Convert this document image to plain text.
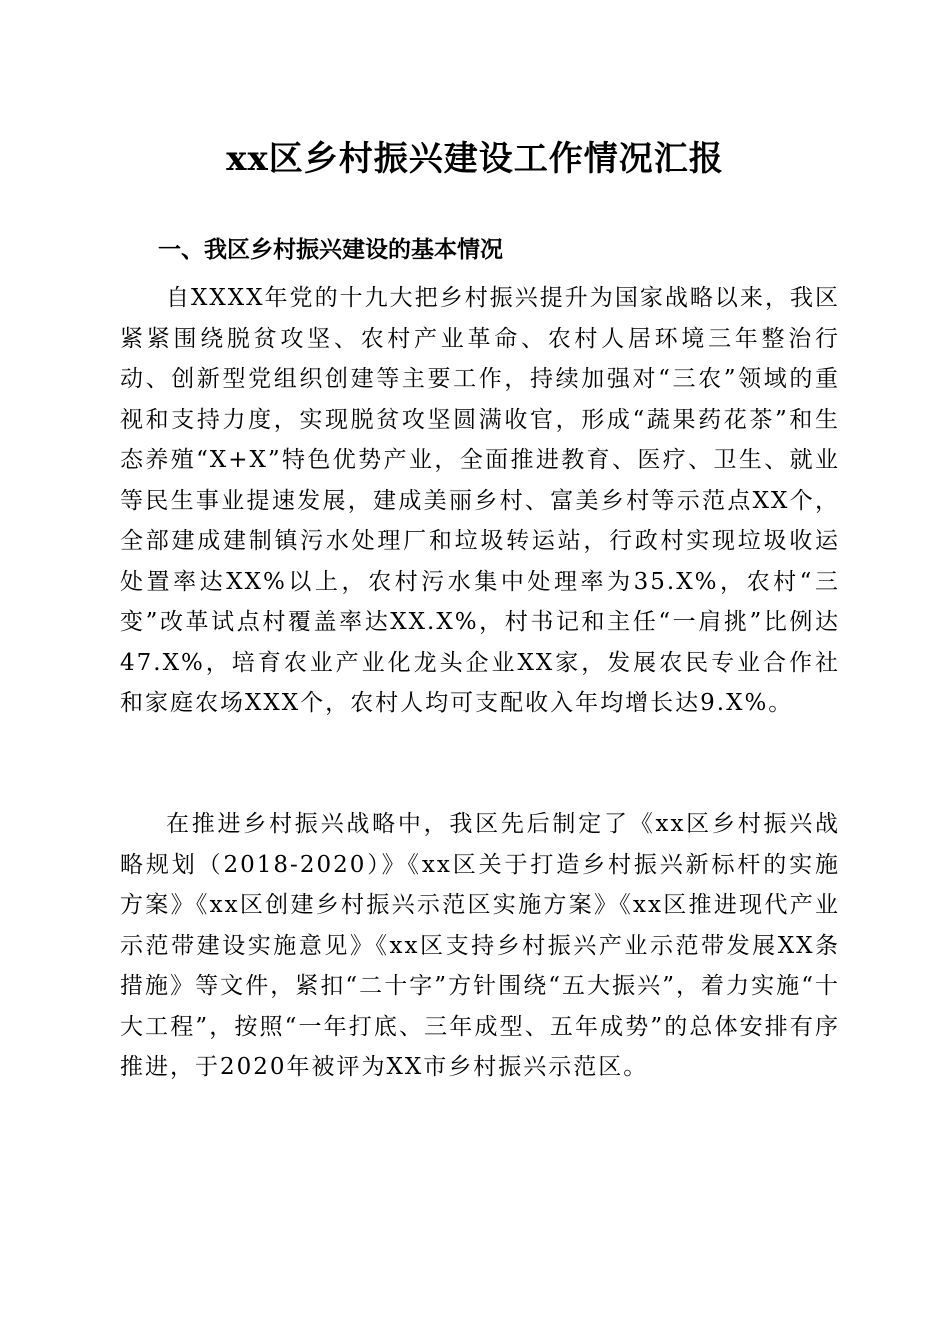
xx区乡村振兴建设工作情况汇报
一、我区乡村振兴建设的基本情况

自XXXX年党的十九大把乡村振兴提升为国家战略以来，我区紧紧围绕脱贫攻坚、农村产业革命、农村人居环境三年整治行动、创新型党组织创建等主要工作，持续加强对“三农”领域的重视和支持力度，实现脱贫攻坚圆满收官，形成“蔬果药花茶”和生态养殖“X+X”特色优势产业，全面推进教育、医疗、卫生、就业等民生事业提速发展，建成美丽乡村、富美乡村等示范点XX个，全部建成建制镇污水处理厂和垃圾转运站，行政村实现垃圾收运处置率达XX%以上，农村污水集中处理率为35.X%，农村“三变”改革试点村覆盖率达XX.X%，村书记和主任“一肩挑”比例达47.X%，培育农业产业化龙头企业XX家，发展农民专业合作社和家庭农场XXX个，农村人均可支配收入年均增长达9.X%。

在推进乡村振兴战略中，我区先后制定了《xx区乡村振兴战略规划（2018-2020）》《xx区关于打造乡村振兴新标杆的实施方案》《xx区创建乡村振兴示范区实施方案》《xx区推进现代产业示范带建设实施意见》《xx区支持乡村振兴产业示范带发展XX条措施》等文件，紧扣“二十字”方针围绕“五大振兴”，着力实施“十大工程”，按照“一年打底、三年成型、五年成势”的总体安排有序推进，于2020年被评为XX市乡村振兴示范区。
